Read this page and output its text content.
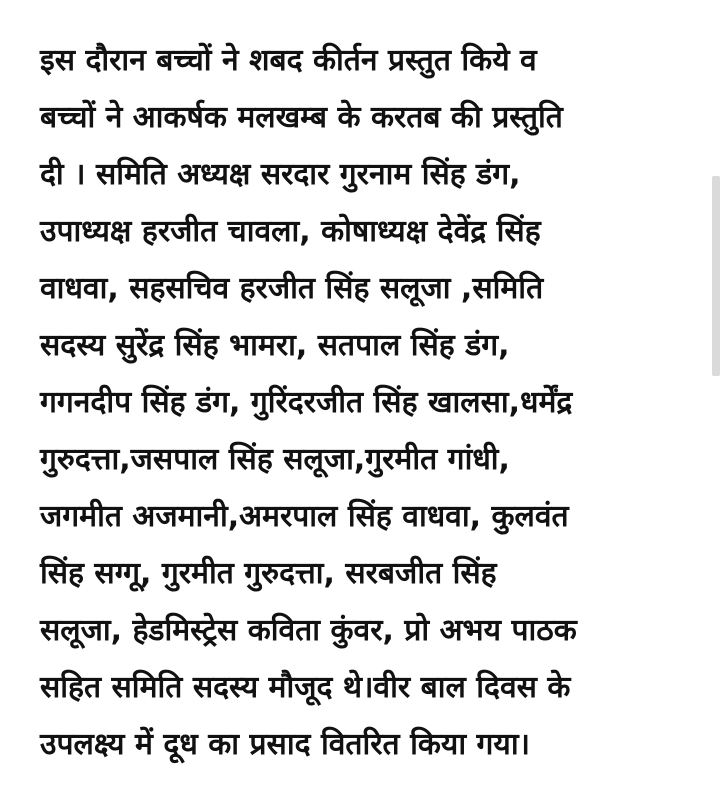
इस दौरान बच्चों ने शबद कीर्तन प्रस्तुत किये व
बच्चों ने आकर्षक मलखम्ब के करतब की प्रस्तुति
दी । समिति अध्यक्ष सरदार गुरनाम सिंह डंग,
उपाध्यक्ष हरजीत चावला, कोषाध्यक्ष देवेंद्र सिंह
वाधवा, सहसचिव हरजीत सिंह सलूजा ,समिति
सदस्य सुरेंद्र सिंह भामरा, सतपाल सिंह डंग,
गगनदीप सिंह डंग, गुरिंदरजीत सिंह खालसा,धर्मेंद्र
गुरुदत्ता,जसपाल सिंह सलूजा,गुरमीत गांधी,
जगमीत अजमानी,अमरपाल सिंह वाधवा, कुलवंत
सिंह सग्गू, गुरमीत गुरुदत्ता, सरबजीत सिंह
सलूजा, हेडमिस्ट्रेस कविता कुंवर, प्रो अभय पाठक
सहित समिति सदस्य मौजूद थे।वीर बाल दिवस के
उपलक्ष्य में दूध का प्रसाद वितरित किया गया।
